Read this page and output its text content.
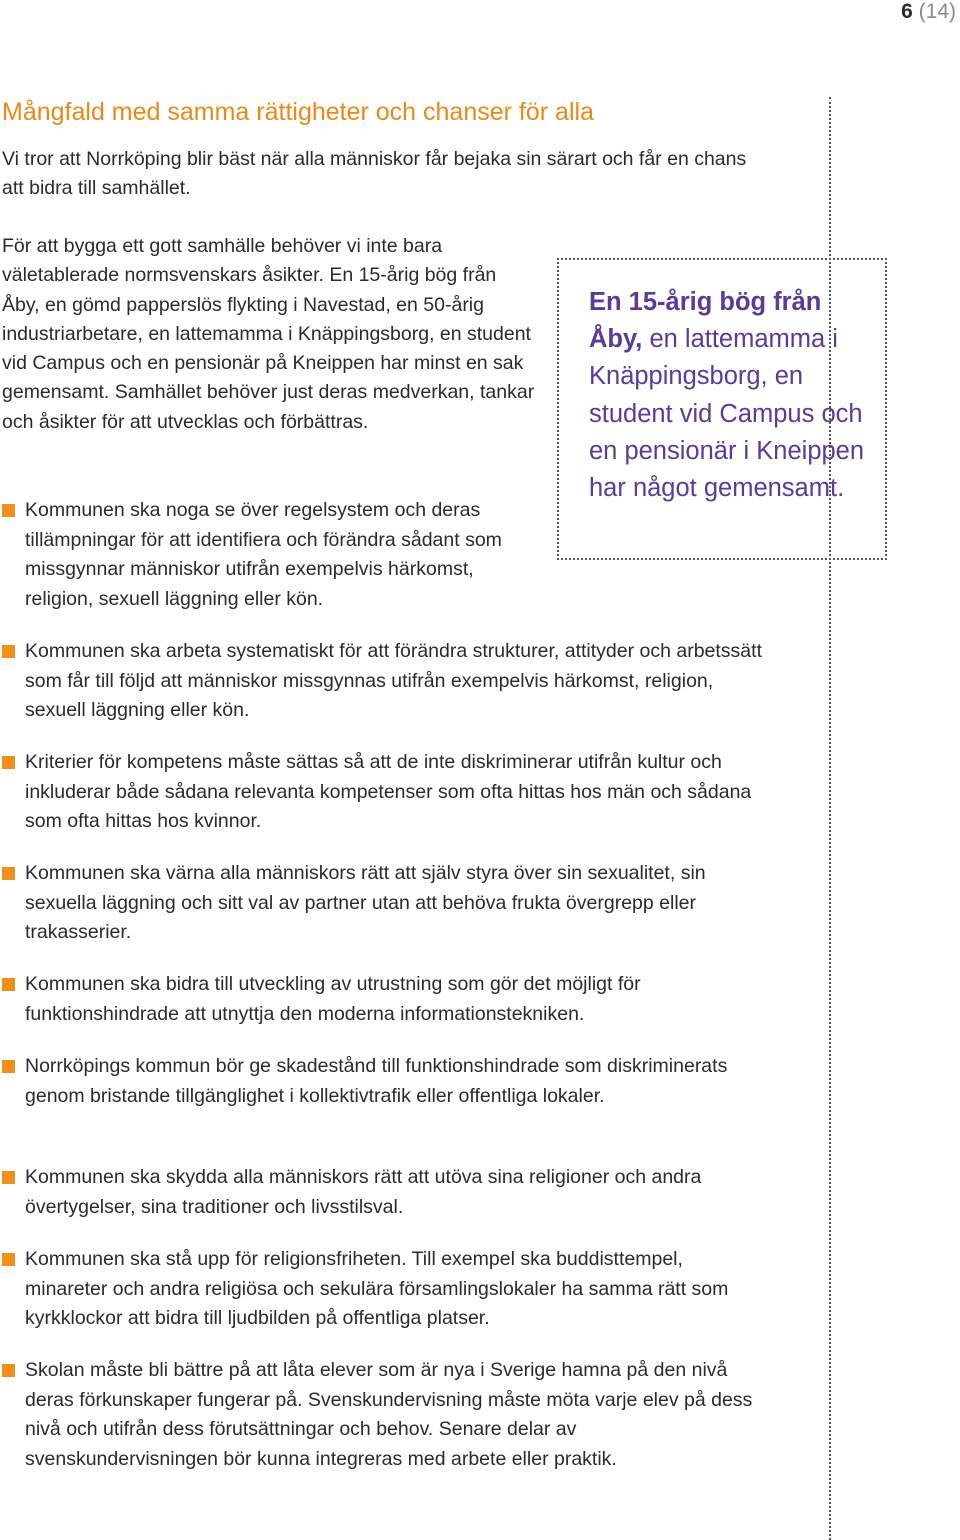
6 (14)
Mångfald med samma rättigheter och chanser för alla

Vi tror att Norrköping blir bäst när alla människor får bejaka sin särart och får en chans att bidra till samhället.

För att bygga ett gott samhälle behöver vi inte bara väletablerade normsvenskars åsikter. En 15-årig bög från Åby, en gömd papperslös flykting i Navestad, en 50-årig industriarbetare, en lattemamma i Knäppingsborg, en student vid Campus och en pensionär på Kneippen har minst en sak gemensamt. Samhället behöver just deras medverkan, tankar och åsikter för att utvecklas och förbättras.

En 15-årig bög från Åby, en lattemamma i Knäppingsborg, en student vid Campus och en pensionär i Kneippen har något gemensamt.

Kommunen ska noga se över regelsystem och deras tillämpningar för att identifiera och förändra sådant som missgynnar människor utifrån exempelvis härkomst, religion, sexuell läggning eller kön.

Kommunen ska arbeta systematiskt för att förändra strukturer, attityder och arbetssätt som får till följd att människor missgynnas utifrån exempelvis härkomst, religion, sexuell läggning eller kön.

Kriterier för kompetens måste sättas så att de inte diskriminerar utifrån kultur och inkluderar både sådana relevanta kompetenser som ofta hittas hos män och sådana som ofta hittas hos kvinnor.

Kommunen ska värna alla människors rätt att själv styra över sin sexualitet, sin sexuella läggning och sitt val av partner utan att behöva frukta övergrepp eller trakasserier.

Kommunen ska bidra till utveckling av utrustning som gör det möjligt för funktionshindrade att utnyttja den moderna informationstekniken.

Norrköpings kommun bör ge skadestånd till funktionshindrade som diskriminerats genom bristande tillgänglighet i kollektivtrafik eller offentliga lokaler.

Kommunen ska skydda alla människors rätt att utöva sina religioner och andra övertygelser, sina traditioner och livsstilsval.

Kommunen ska stå upp för religionsfriheten. Till exempel ska buddisttempel, minareter och andra religiösa och sekulära församlingslokaler ha samma rätt som kyrkklockor att bidra till ljudbilden på offentliga platser.

Skolan måste bli bättre på att låta elever som är nya i Sverige hamna på den nivå deras förkunskaper fungerar på. Svenskundervisning måste möta varje elev på dess nivå och utifrån dess förutsättningar och behov. Senare delar av svenskundervisningen bör kunna integreras med arbete eller praktik.
